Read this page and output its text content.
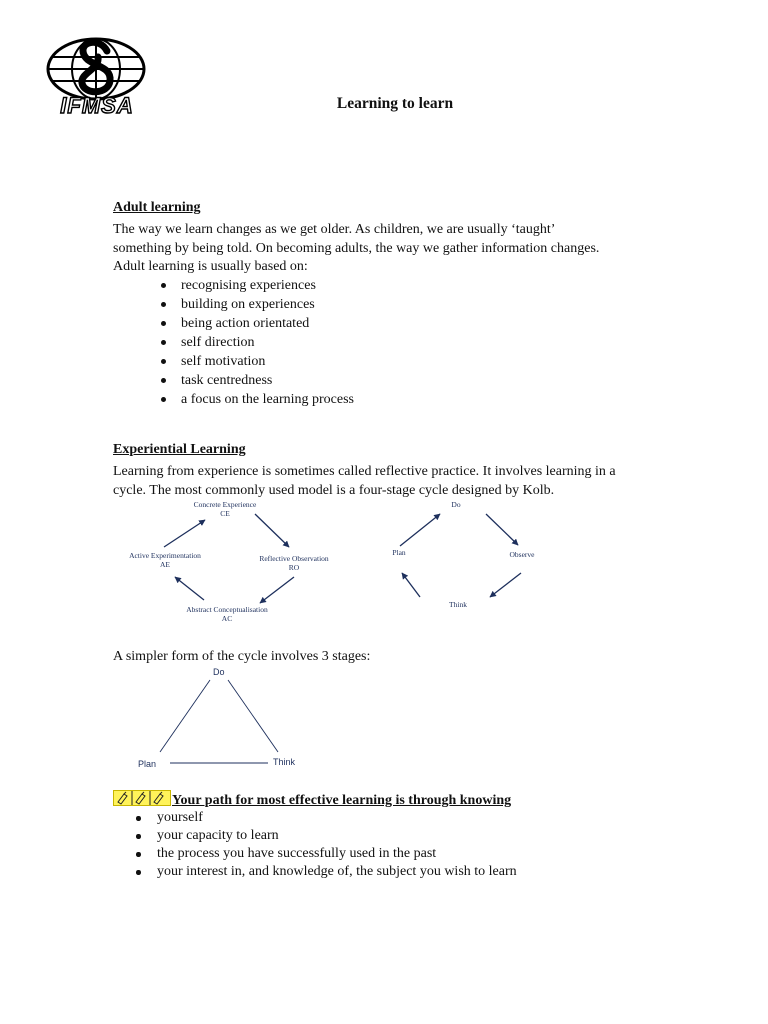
IFMSA	Learning to learn
Adult learning
The way we learn changes as we get older. As children, we are usually ‘taught’
something by being told. On becoming adults, the way we gather information changes.
Adult learning is usually based on:
recognising experiences
building on experiences
being action orientated
self direction
self motivation
task centredness
a focus on the learning process
Experiential Learning
Learning from experience is sometimes called reflective practice. It involves learning in a
cycle. The most commonly used model is a four-stage cycle designed by Kolb.
Concrete Experience
CE
Reflective Observation
RO
Abstract Conceptualisation
AC
Active Experimentation
AE
Do
Observe
Think
Plan
A simpler form of the cycle involves 3 stages:
Do
Plan	Think
Your path for most effective learning is through knowing
yourself
your capacity to learn
the process you have successfully used in the past
your interest in, and knowledge of, the subject you wish to learn
